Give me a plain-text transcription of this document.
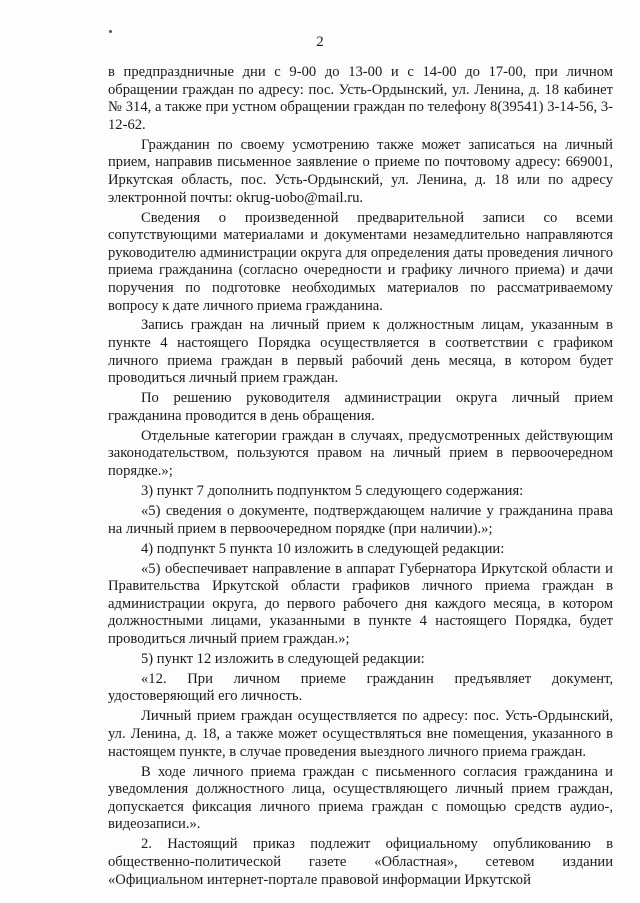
2

в предпраздничные дни с 9-00 до 13-00 и с 14-00 до 17-00, при личном обращении граждан по адресу: пос. Усть-Ордынский, ул. Ленина, д. 18 кабинет № 314, а также при устном обращении граждан по телефону 8(39541) 3-14-56, 3-12-62.

Гражданин по своему усмотрению также может записаться на личный прием, направив письменное заявление о приеме по почтовому адресу: 669001, Иркутская область, пос. Усть-Ордынский, ул. Ленина, д. 18 или по адресу электронной почты: okrug-uobo@mail.ru.

Сведения о произведенной предварительной записи со всеми сопутствующими материалами и документами незамедлительно направляются руководителю администрации округа для определения даты проведения личного приема гражданина (согласно очередности и графику личного приема) и дачи поручения по подготовке необходимых материалов по рассматриваемому вопросу к дате личного приема гражданина.

Запись граждан на личный прием к должностным лицам, указанным в пункте 4 настоящего Порядка осуществляется в соответствии с графиком личного приема граждан в первый рабочий день месяца, в котором будет проводиться личный прием граждан.

По решению руководителя администрации округа личный прием гражданина проводится в день обращения.

Отдельные категории граждан в случаях, предусмотренных действующим законодательством, пользуются правом на личный прием в первоочередном порядке.»;

3) пункт 7 дополнить подпунктом 5 следующего содержания:

«5) сведения о документе, подтверждающем наличие у гражданина права на личный прием в первоочередном порядке (при наличии).»;

4) подпункт 5 пункта 10 изложить в следующей редакции:

«5) обеспечивает направление в аппарат Губернатора Иркутской области и Правительства Иркутской области графиков личного приема граждан в администрации округа, до первого рабочего дня каждого месяца, в котором должностными лицами, указанными в пункте 4 настоящего Порядка, будет проводиться личный прием граждан.»;

5) пункт 12 изложить в следующей редакции:

«12. При личном приеме гражданин предъявляет документ, удостоверяющий его личность.

Личный прием граждан осуществляется по адресу: пос. Усть-Ордынский, ул. Ленина, д. 18, а также может осуществляться вне помещения, указанного в настоящем пункте, в случае проведения выездного личного приема граждан.

В ходе личного приема граждан с письменного согласия гражданина и уведомления должностного лица, осуществляющего личный прием граждан, допускается фиксация личного приема граждан с помощью средств аудио-, видеозаписи.».

2. Настоящий приказ подлежит официальному опубликованию в общественно-политической газете «Областная», сетевом издании «Официальном интернет-портале правовой информации Иркутской
